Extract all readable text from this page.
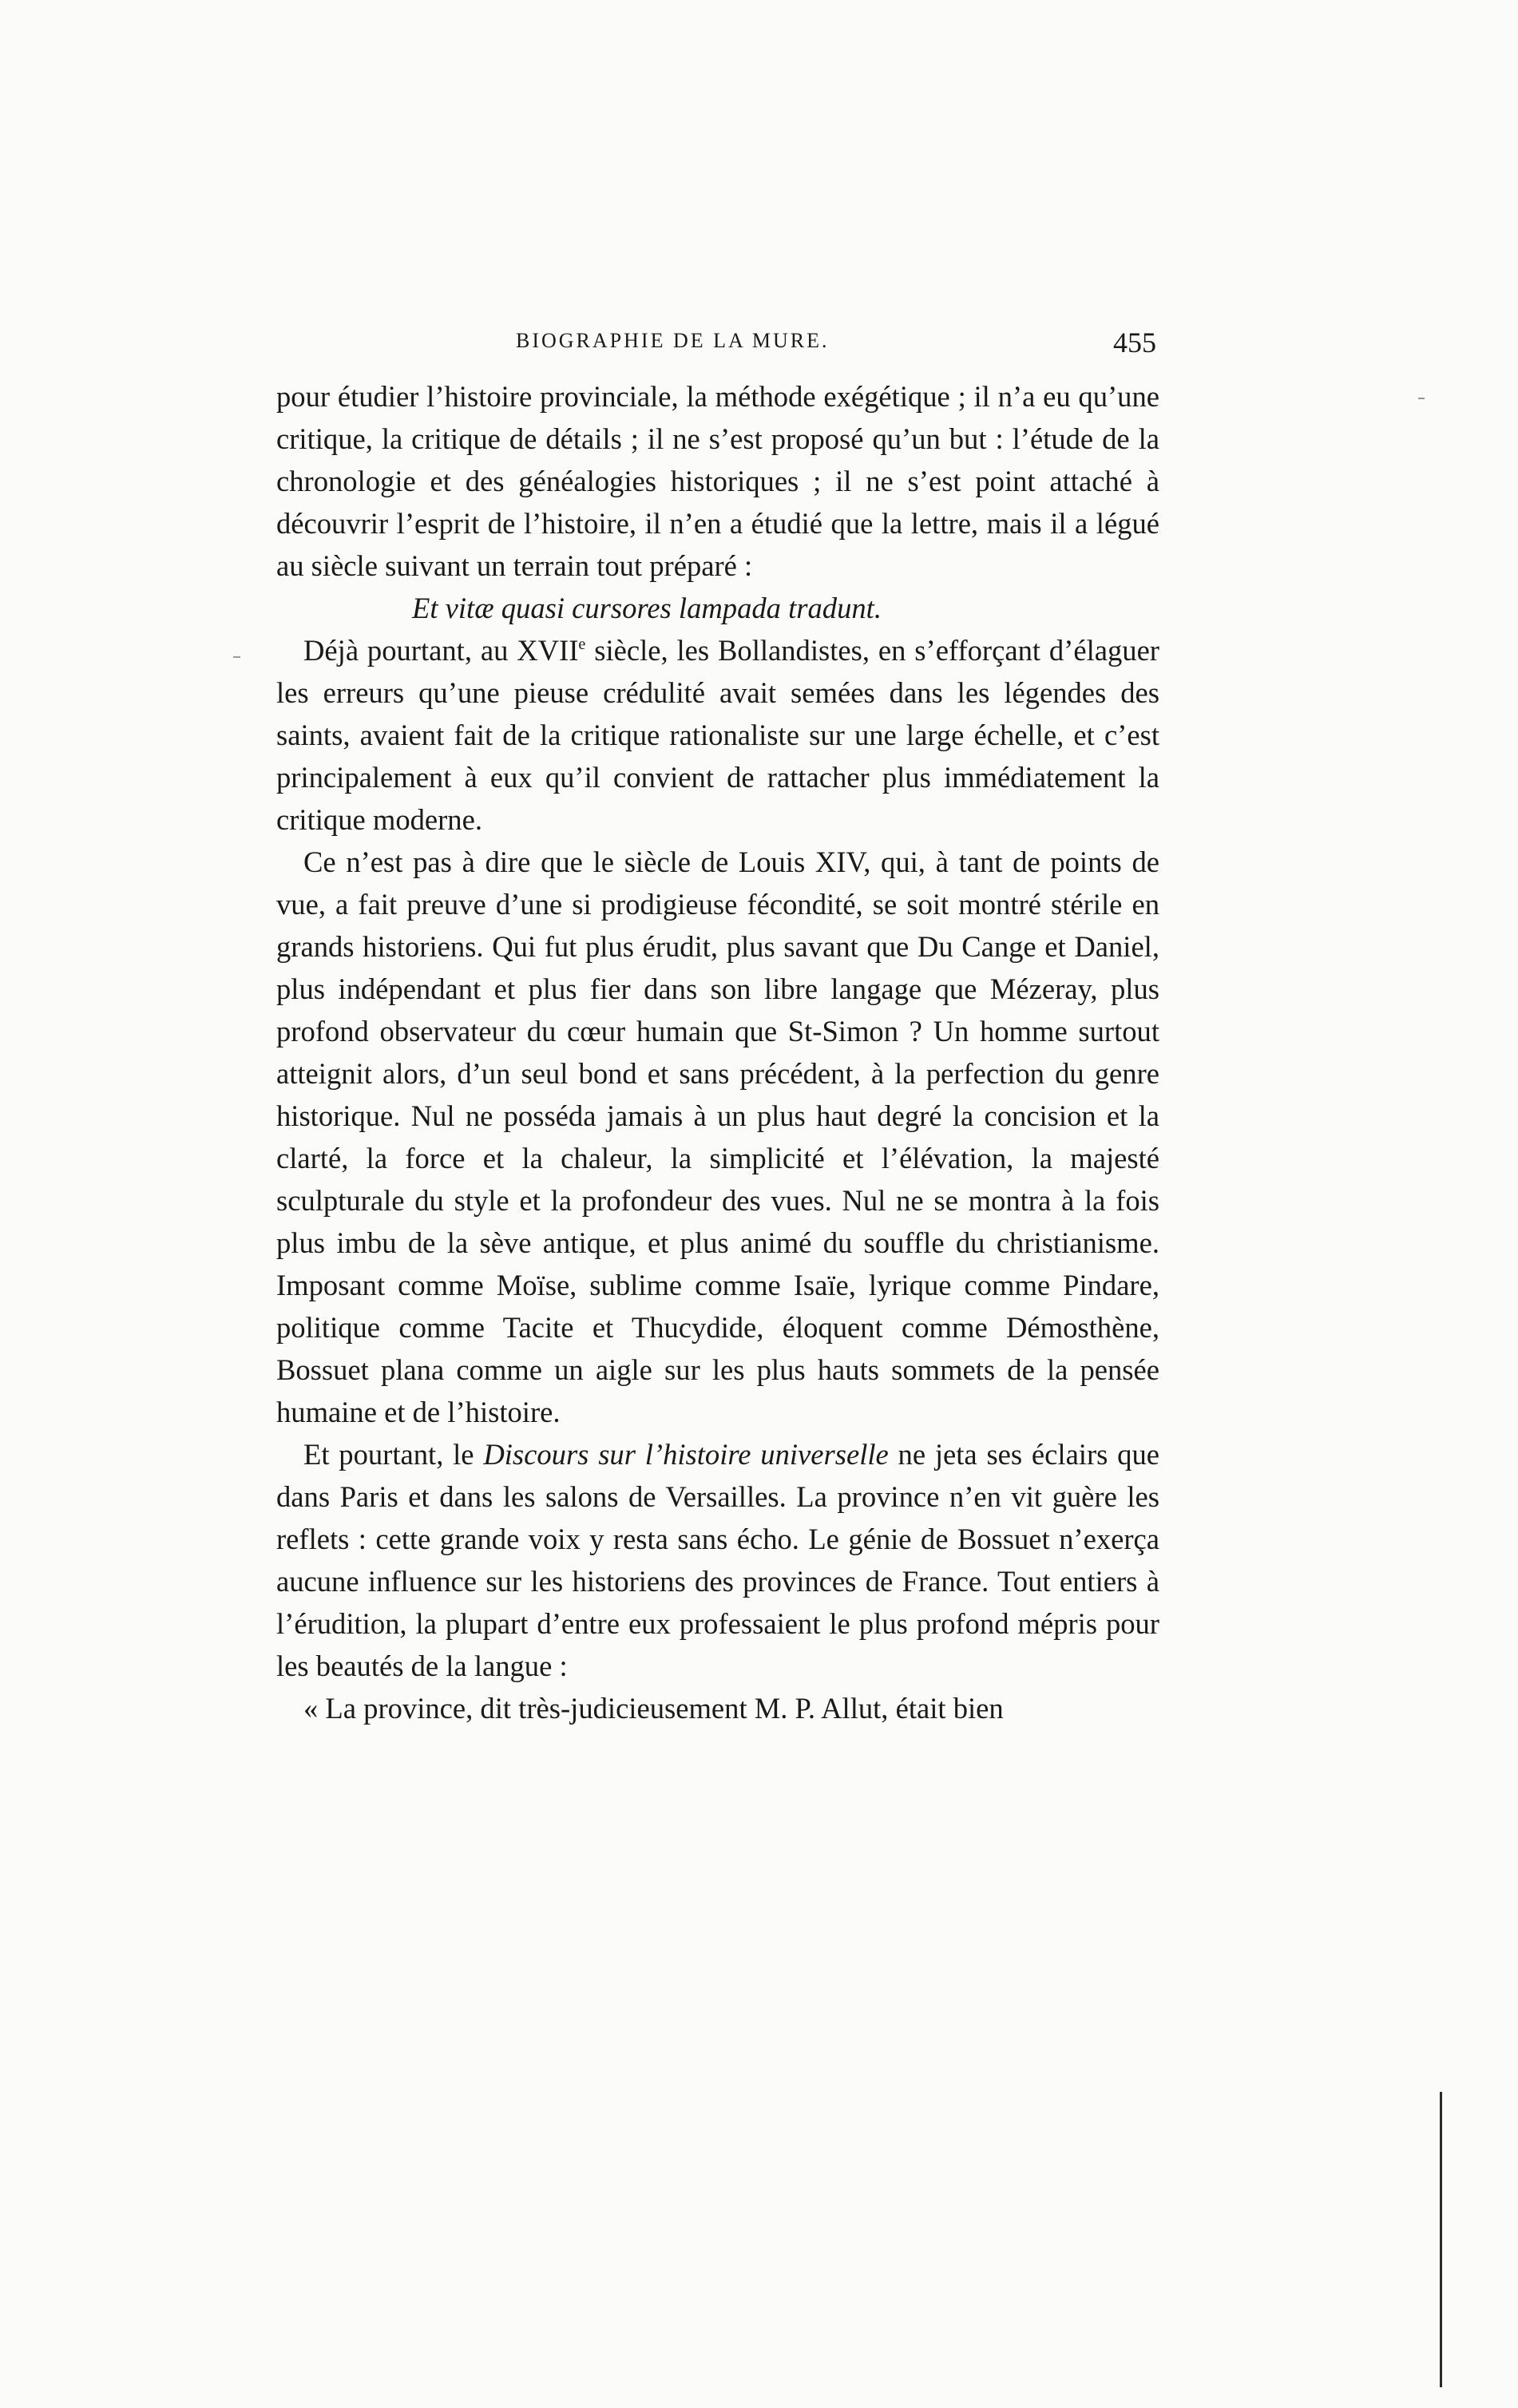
BIOGRAPHIE DE LA MURE.	455

pour étudier l’histoire provinciale, la méthode exégétique ; il n’a eu qu’une critique, la critique de détails ; il ne s’est proposé qu’un but : l’étude de la chronologie et des généalogies historiques ; il ne s’est point attaché à découvrir l’esprit de l’histoire, il n’en a étudié que la lettre, mais il a légué au siècle suivant un terrain tout préparé :

Et vitæ quasi cursores lampada tradunt.

Déjà pourtant, au XVIIe siècle, les Bollandistes, en s’efforçant d’élaguer les erreurs qu’une pieuse crédulité avait semées dans les légendes des saints, avaient fait de la critique rationaliste sur une large échelle, et c’est principalement à eux qu’il convient de rattacher plus immédiatement la critique moderne.

Ce n’est pas à dire que le siècle de Louis XIV, qui, à tant de points de vue, a fait preuve d’une si prodigieuse fécondité, se soit montré stérile en grands historiens. Qui fut plus érudit, plus savant que Du Cange et Daniel, plus indépendant et plus fier dans son libre langage que Mézeray, plus profond observateur du cœur humain que St-Simon ? Un homme surtout atteignit alors, d’un seul bond et sans précédent, à la perfection du genre historique. Nul ne posséda jamais à un plus haut degré la concision et la clarté, la force et la chaleur, la simplicité et l’élévation, la majesté sculpturale du style et la profondeur des vues. Nul ne se montra à la fois plus imbu de la sève antique, et plus animé du souffle du christianisme. Imposant comme Moïse, sublime comme Isaïe, lyrique comme Pindare, politique comme Tacite et Thucydide, éloquent comme Démosthène, Bossuet plana comme un aigle sur les plus hauts sommets de la pensée humaine et de l’histoire.

Et pourtant, le Discours sur l’histoire universelle ne jeta ses éclairs que dans Paris et dans les salons de Versailles. La province n’en vit guère les reflets : cette grande voix y resta sans écho. Le génie de Bossuet n’exerça aucune influence sur les historiens des provinces de France. Tout entiers à l’érudition, la plupart d’entre eux professaient le plus profond mépris pour les beautés de la langue :

« La province, dit très-judicieusement M. P. Allut, était bien
